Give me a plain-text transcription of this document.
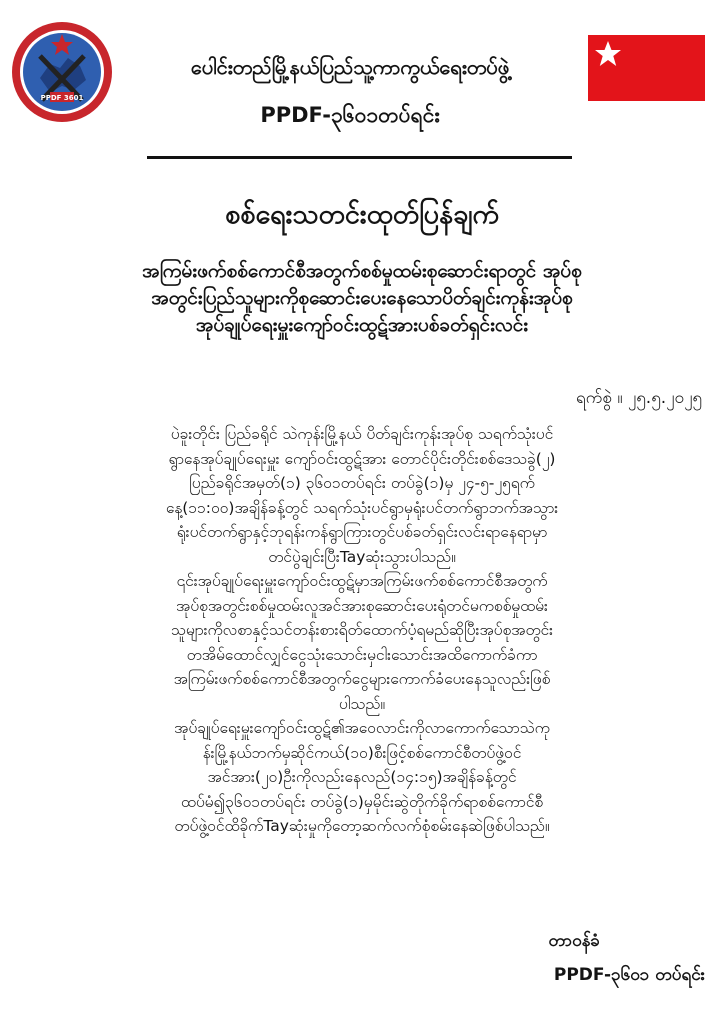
PPDF 3601
ပေါင်းတည်မြို့နယ်ပြည်သူ့ကာကွယ်ရေးတပ်ဖွဲ့
PPDF-၃၆၀၁တပ်ရင်း
စစ်ရေးသတင်းထုတ်ပြန်ချက်
အကြမ်းဖက်စစ်ကောင်စီအတွက်စစ်မှုထမ်းစုဆောင်းရာတွင် အုပ်စု
အတွင်းပြည်သူများကိုစုဆောင်းပေးနေသောပိတ်ချင်းကုန်းအုပ်စု
အုပ်ချုပ်ရေးမှူးကျော်ဝင်းထွဋ်အားပစ်ခတ်ရှင်းလင်း
ရက်စွဲ ။ ၂၅.၅.၂၀၂၅
ပဲခူးတိုင်း ပြည်ခရိုင် သဲကုန်းမြို့နယ် ပိတ်ချင်းကုန်းအုပ်စု သရက်သုံးပင်
ရွာနေအုပ်ချုပ်ရေးမှူး ကျော်ဝင်းထွဋ်အား တောင်ပိုင်းတိုင်းစစ်ဒေသခွဲ(၂)
ပြည်ခရိုင်အမှတ်(၁) ၃၆၀၁တပ်ရင်း တပ်ခွဲ(၁)မှ ၂၄-၅-၂၅ရက်
နေ့(၁၁:၀၀)အချိန်ခန့်တွင် သရက်သုံးပင်ရွာမှရုံးပင်တက်ရွာဘက်အသွား
ရုံးပင်တက်ရွာနှင့်ဘုရန်းကန်ရွာကြားတွင်ပစ်ခတ်ရှင်းလင်းရာနေရာမှာ
တင်ပွဲချင်းပြီးTayဆုံးသွားပါသည်။
၎င်းအုပ်ချုပ်ရေးမှူးကျော်ဝင်းထွဋ်မှာအကြမ်းဖက်စစ်ကောင်စီအတွက်
အုပ်စုအတွင်းစစ်မှုထမ်းလူအင်အားစုဆောင်းပေးရုံတင်မကစစ်မှုထမ်း
သူများကိုလစာနှင့်သင်တန်းစားရိတ်ထောက်ပံ့ရမည်ဆိုပြီးအုပ်စုအတွင်း
တအိမ်ထောင်လျှင်ငွေသုံးသောင်းမှငါးသောင်းအထိကောက်ခံကာ
အကြမ်းဖက်စစ်ကောင်စီအတွက်ငွေများကောက်ခံပေးနေသူလည်းဖြစ်
ပါသည်။
အုပ်ချုပ်ရေးမှူးကျော်ဝင်းထွဋ်၏အဝေလာင်းကိုလာကောက်သောသဲကု
န်းမြို့နယ်ဘက်မှဆိုင်ကယ်(၁၀)စီးဖြင့်စစ်ကောင်စီတပ်ဖွဲ့ဝင်
အင်အား(၂၀)ဦးကိုလည်းနေလည်(၁၄:၁၅)အချိန်ခန့်တွင်
ထပ်မံ၍၃၆၀၁တပ်ရင်း တပ်ခွဲ(၁)မှမိုင်းဆွဲတိုက်ခိုက်ရာစစ်ကောင်စီ
တပ်ဖွဲ့ဝင်ထိခိုက်Tayဆုံးမှုကိုတော့ဆက်လက်စုံစမ်းနေဆဲဖြစ်ပါသည်။
တာဝန်ခံ
PPDF-၃၆၀၁ တပ်ရင်း
